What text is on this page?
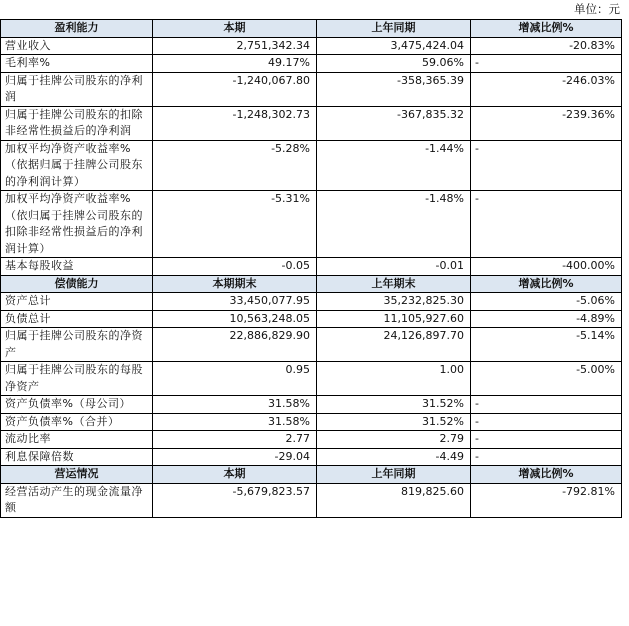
单位：元
盈利能力	本期	上年同期	增减比例%
营业收入	2,751,342.34	3,475,424.04	-20.83%
毛利率%	49.17%	59.06%	-
归属于挂牌公司股东的净利润	-1,240,067.80	-358,365.39	-246.03%
归属于挂牌公司股东的扣除非经常性损益后的净利润	-1,248,302.73	-367,835.32	-239.36%
加权平均净资产收益率%（依据归属于挂牌公司股东的净利润计算）	-5.28%	-1.44%	-
加权平均净资产收益率%（依归属于挂牌公司股东的扣除非经常性损益后的净利润计算）	-5.31%	-1.48%	-
基本每股收益	-0.05	-0.01	-400.00%
偿债能力	本期期末	上年期末	增减比例%
资产总计	33,450,077.95	35,232,825.30	-5.06%
负债总计	10,563,248.05	11,105,927.60	-4.89%
归属于挂牌公司股东的净资产	22,886,829.90	24,126,897.70	-5.14%
归属于挂牌公司股东的每股净资产	0.95	1.00	-5.00%
资产负债率%（母公司）	31.58%	31.52%	-
资产负债率%（合并）	31.58%	31.52%	-
流动比率	2.77	2.79	-
利息保障倍数	-29.04	-4.49	-
营运情况	本期	上年同期	增减比例%
经营活动产生的现金流量净额	-5,679,823.57	819,825.60	-792.81%
